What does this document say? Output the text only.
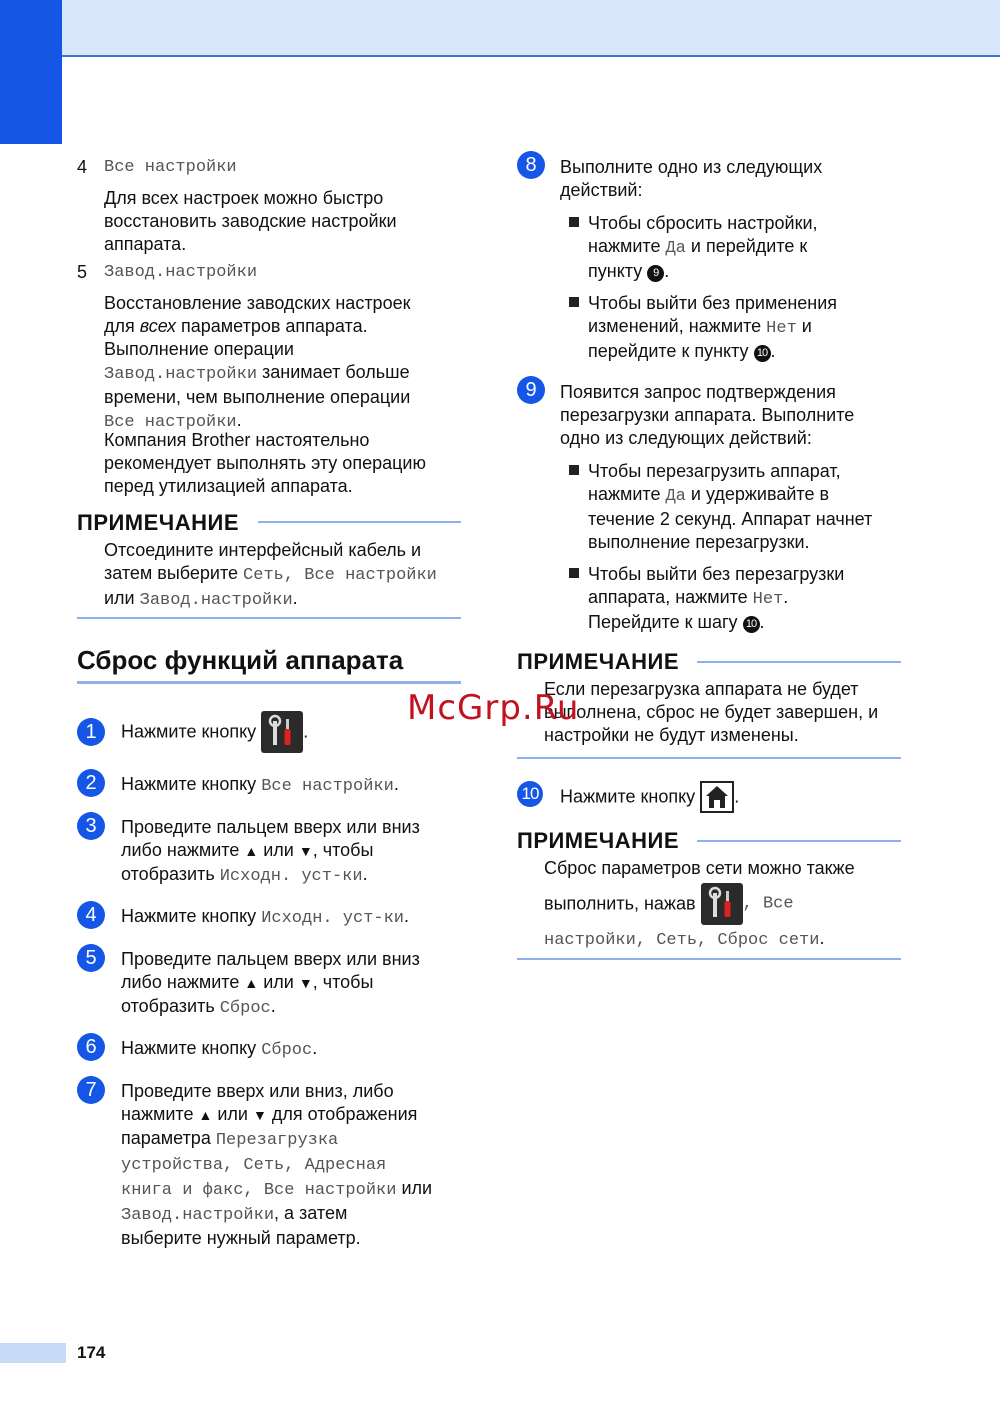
4 Все настройки
Для всех настроек можно быстро
восстановить заводские настройки
аппарата.
5 Завод.настройки
Восстановление заводских настроек
для всех параметров аппарата.
Выполнение операции
Завод.настройки занимает больше
времени, чем выполнение операции
Все настройки.
Компания Brother настоятельно
рекомендует выполнять эту операцию
перед утилизацией аппарата.
ПРИМЕЧАНИЕ
Отсоедините интерфейсный кабель и
затем выберите Сеть, Все настройки
или Завод.настройки.
Сброс функций аппарата
1	Нажмите кнопку .
2	Нажмите кнопку Все настройки.
3	Проведите пальцем вверх или вниз
либо нажмите ▲ или ▼, чтобы
отобразить Исходн. уст-ки.
4	Нажмите кнопку Исходн. уст-ки.
5	Проведите пальцем вверх или вниз
либо нажмите ▲ или ▼, чтобы
отобразить Сброс.
6	Нажмите кнопку Сброс.
7	Проведите вверх или вниз, либо
нажмите ▲ или ▼ для отображения
параметра Перезагрузка
устройства, Сеть, Адресная
книга и факс, Все настройки или
Завод.настройки, а затем
выберите нужный параметр.
8	Выполните одно из следующих
действий:
Чтобы сбросить настройки,
нажмите Да и перейдите к
пункту 9 .
Чтобы выйти без применения
изменений, нажмите Нет и
перейдите к пункту 10 .
9	Появится запрос подтверждения
перезагрузки аппарата. Выполните
одно из следующих действий:
Чтобы перезагрузить аппарат,
нажмите Да и удерживайте в
течение 2 секунд. Аппарат начнет
выполнение перезагрузки.
Чтобы выйти без перезагрузки
аппарата, нажмите Нет.
Перейдите к шагу 10 .
ПРИМЕЧАНИЕ
Если перезагрузка аппарата не будет
выполнена, сброс не будет завершен, и
настройки не будут изменены.
10 Нажмите кнопку .
ПРИМЕЧАНИЕ
Сброс параметров сети можно также
выполнить, нажав , Все
настройки, Сеть, Сброс сети.
McGrp.Ru
174
